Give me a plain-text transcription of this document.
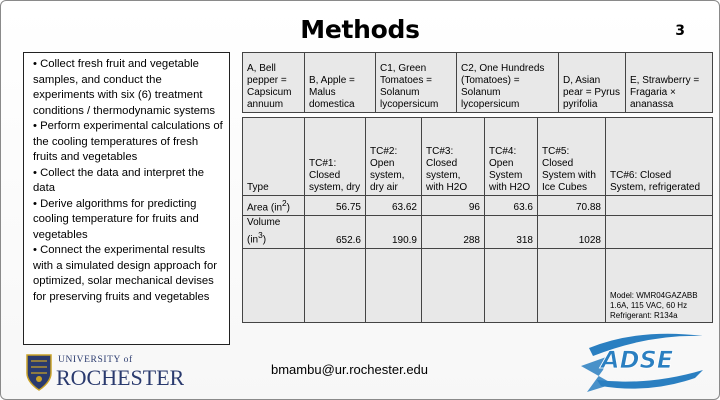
Methods	3
• Collect fresh fruit and vegetable samples, and conduct the experiments with six (6) treatment conditions / thermodynamic systems
• Perform experimental calculations of the cooling temperatures of fresh fruits and vegetables
• Collect the data and interpret the data
• Derive algorithms for predicting cooling temperature for fruits and vegetables
• Connect the experimental results with a simulated design approach for optimized, solar mechanical devises for preserving fruits and vegetables
A, Bell pepper = Capsicum annuum	B, Apple = Malus domestica	C1, Green Tomatoes = Solanum lycopersicum	C2, One Hundreds (Tomatoes) = Solanum lycopersicum	D, Asian pear = Pyrus pyrifolia	E, Strawberry = Fragaria × ananassa
Type	TC#1: Closed system, dry	TC#2: Open system, dry air	TC#3: Closed system, with H2O	TC#4: Open System with H2O	TC#5: Closed System with Ice Cubes	TC#6: Closed System, refrigerated
Area $(in^2)$	56.75	63.62	96	63.6	70.88	
Volume $(in^3)$	652.6	190.9	288	318	1028	

						Model: WMR04GAZABB
1.6A, 115 VAC, 60 Hz
Refrigerant: R134a
UNIVERSITY of
ROCHESTER	bmambu@ur.rochester.edu	ADSE
